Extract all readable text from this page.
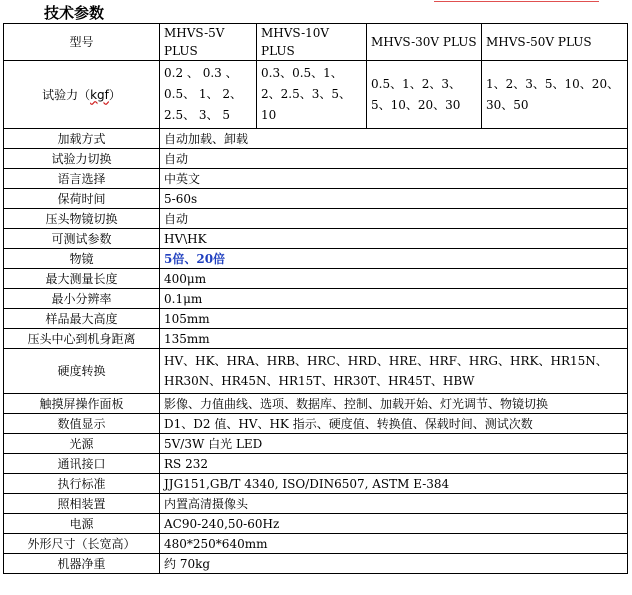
技术参数
型号	MHVS-5V PLUS	MHVS-10V PLUS	MHVS-30V PLUS	MHVS-50V PLUS
试验力（kgf）	0.2 、 0.3 、 0.5、 1、 2、 2.5、 3、 5	0.3、0.5、1、2、2.5、3、5、10	0.5、1、2、3、5、10、20、30	1、2、3、5、10、20、30、50
加载方式	自动加载、卸载			
试验力切换	自动			
语言选择	中英文			
保荷时间	5-60s			
压头物镜切换	自动			
可测试参数	HV\HK			
物镜	5倍、20倍			
最大测量长度	400μm			
最小分辨率	0.1μm			
样品最大高度	105mm			
压头中心到机身距离	135mm			
硬度转换	HV、HK、HRA、HRB、HRC、HRD、HRE、HRF、HRG、HRK、HR15N、HR30N、HR45N、HR15T、HR30T、HR45T、HBW			
触摸屏操作面板	影像、力值曲线、选项、数据库、控制、加载开始、灯光调节、物镜切换			
数值显示	D1、D2 值、HV、HK 指示、硬度值、转换值、保载时间、测试次数			
光源	5V/3W 白光 LED			
通讯接口	RS 232			
执行标准	JJG151,GB/T 4340, ISO/DIN6507, ASTM E-384			
照相装置	内置高清摄像头			
电源	AC90-240,50-60Hz			
外形尺寸（长宽高）	480*250*640mm			
机器净重	约 70kg			
